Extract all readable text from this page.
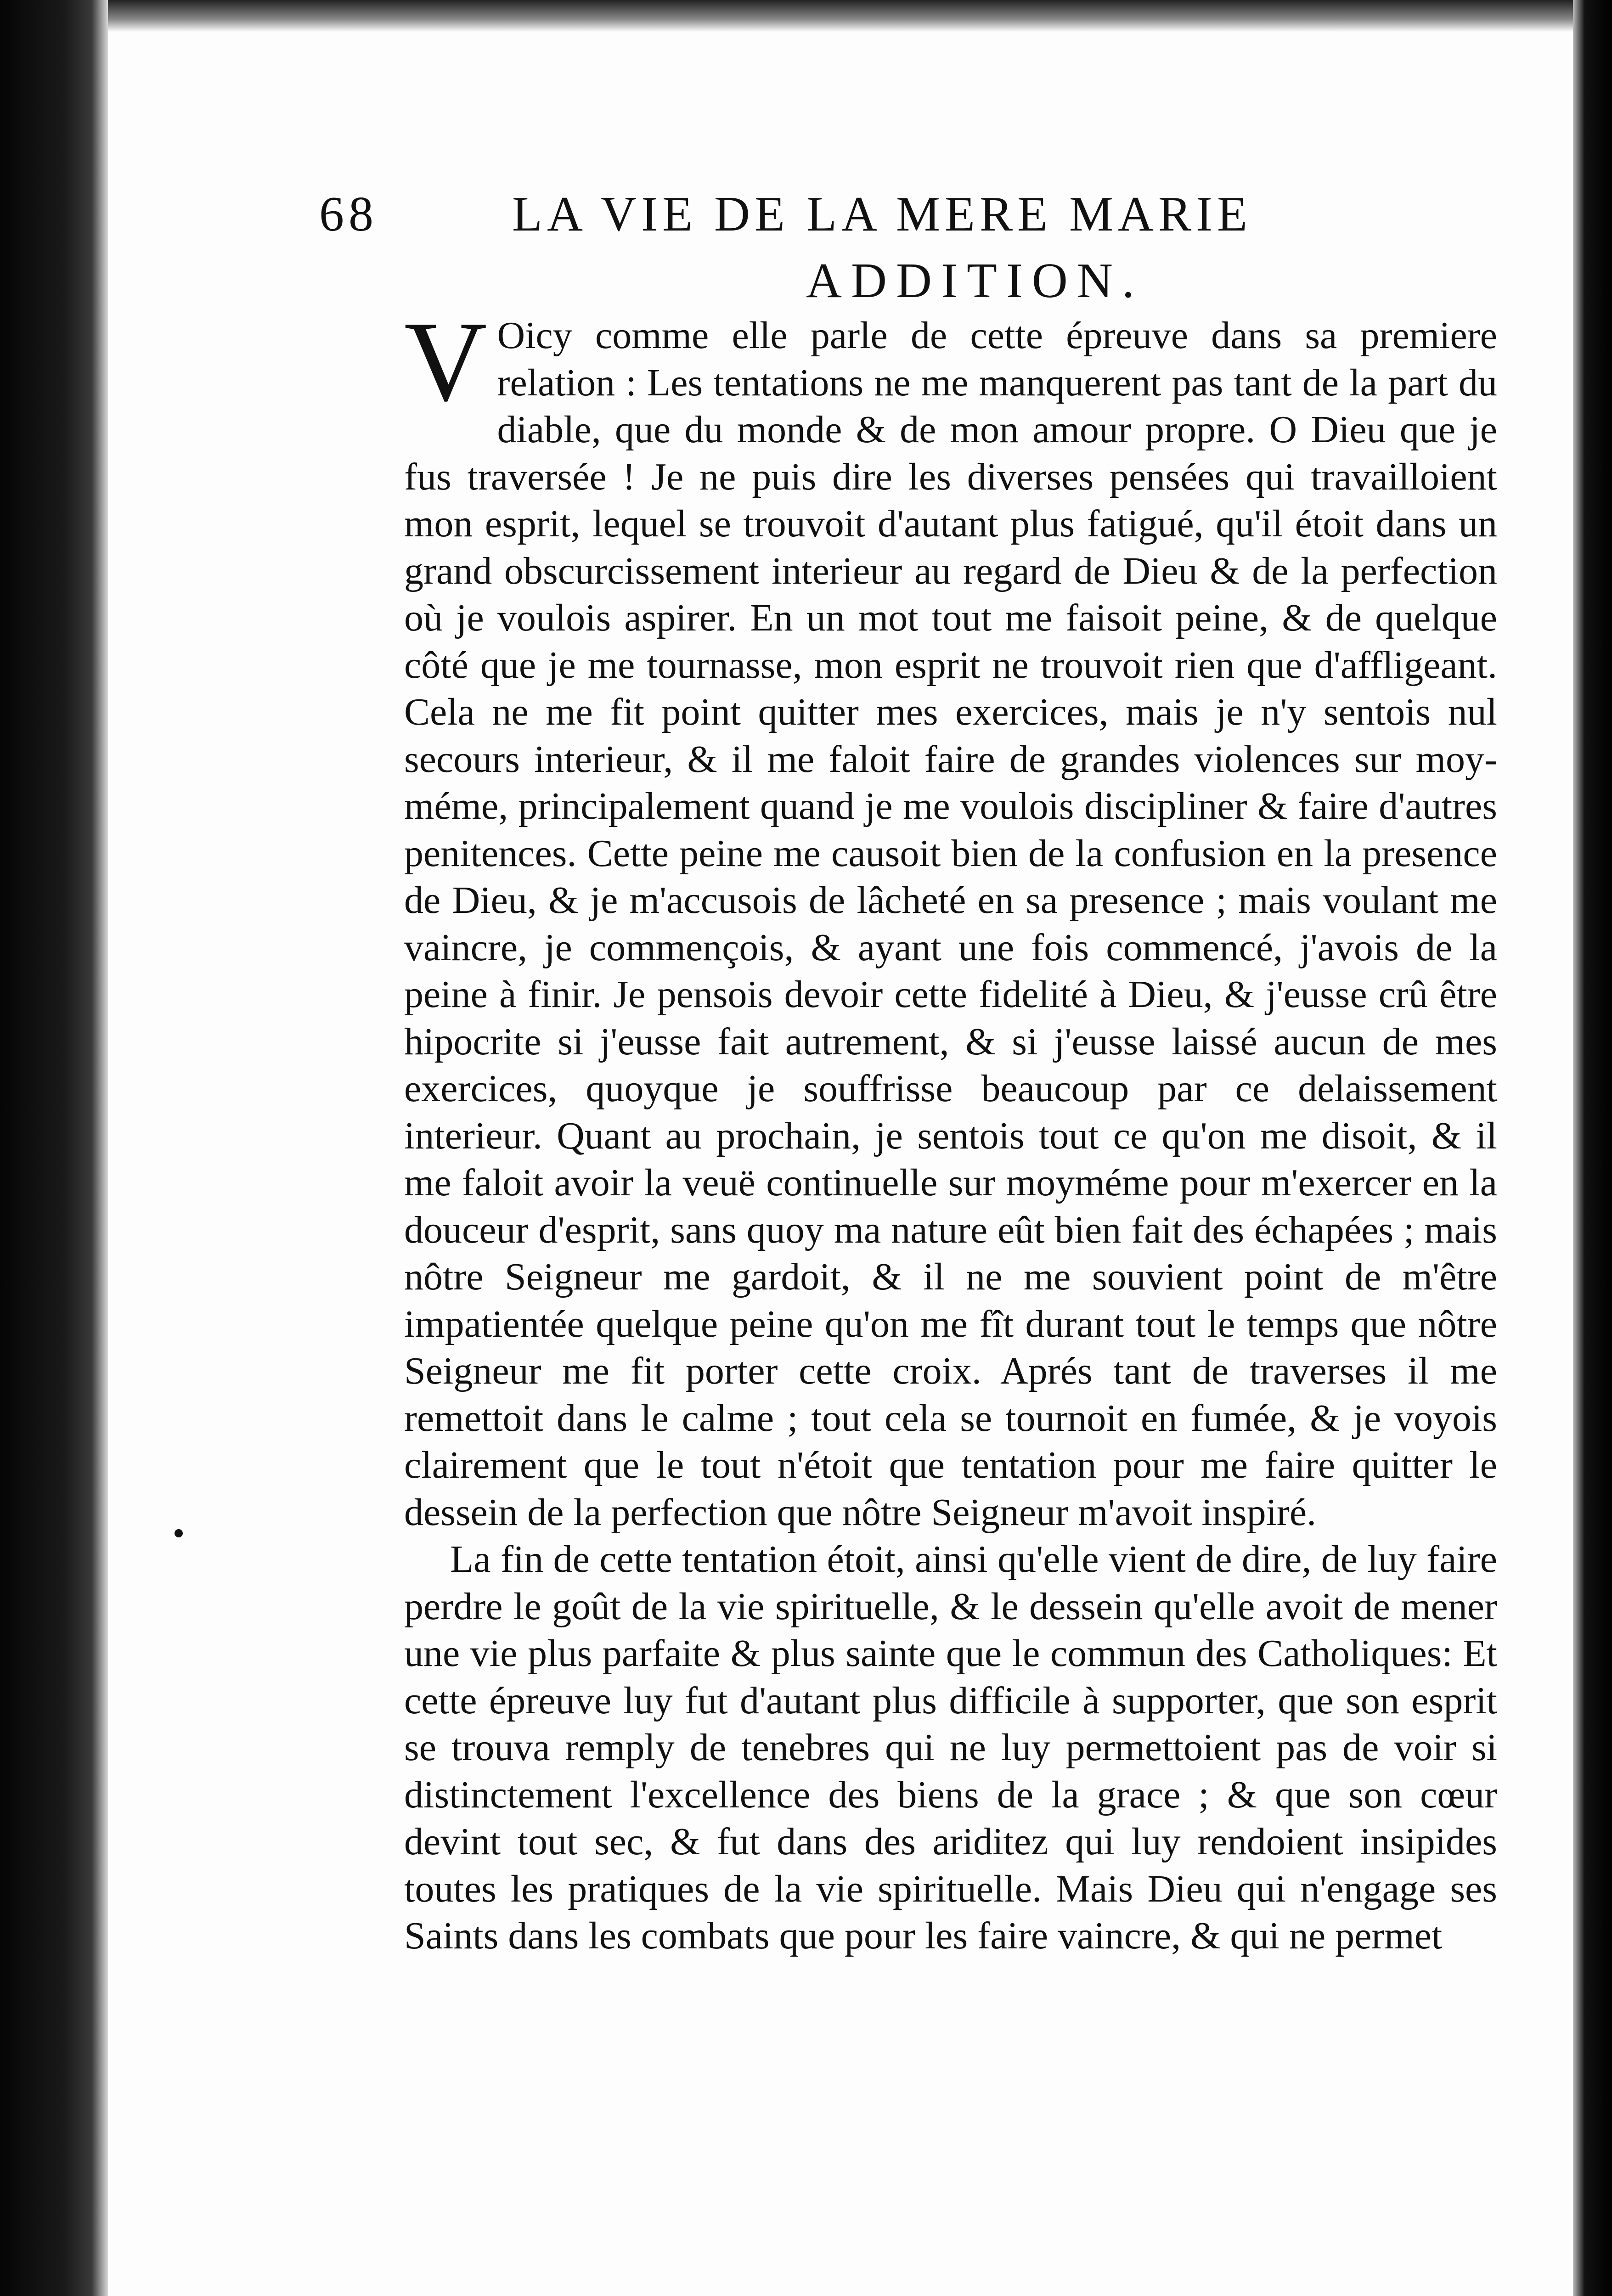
68	LA VIE DE LA MERE MARIE
ADDITION.

V Oicy comme elle parle de cette épreuve dans sa premiere relation : Les tentations ne me manquerent pas tant de la part du diable, que du monde & de mon amour propre. O Dieu que je fus traversée ! Je ne puis dire les diverses pensées qui travailloient mon esprit, lequel se trouvoit d'autant plus fatigué, qu'il étoit dans un grand obscurcissement interieur au regard de Dieu & de la perfection où je voulois aspirer. En un mot tout me faisoit peine, & de quelque côté que je me tournasse, mon esprit ne trouvoit rien que d'affligeant. Cela ne me fit point quitter mes exercices, mais je n'y sentois nul secours interieur, & il me faloit faire de grandes violences sur moy-méme, principalement quand je me voulois discipliner & faire d'autres penitences. Cette peine me causoit bien de la confusion en la presence de Dieu, & je m'accusois de lâcheté en sa presence ; mais voulant me vaincre, je commençois, & ayant une fois commencé, j'avois de la peine à finir. Je pensois devoir cette fidelité à Dieu, & j'eusse crû être hipocrite si j'eusse fait autrement, & si j'eusse laissé aucun de mes exercices, quoyque je souffrisse beaucoup par ce delaissement interieur. Quant au prochain, je sentois tout ce qu'on me disoit, & il me faloit avoir la veuë continuelle sur moyméme pour m'exercer en la douceur d'esprit, sans quoy ma nature eût bien fait des échapées ; mais nôtre Seigneur me gardoit, & il ne me souvient point de m'être impatientée quelque peine qu'on me fît durant tout le temps que nôtre Seigneur me fit porter cette croix. Aprés tant de traverses il me remettoit dans le calme ; tout cela se tournoit en fumée, & je voyois clairement que le tout n'étoit que tentation pour me faire quitter le dessein de la perfection que nôtre Seigneur m'avoit inspiré.

La fin de cette tentation étoit, ainsi qu'elle vient de dire, de luy faire perdre le goût de la vie spirituelle, & le dessein qu'elle avoit de mener une vie plus parfaite & plus sainte que le commun des Catholiques: Et cette épreuve luy fut d'autant plus difficile à supporter, que son esprit se trouva remply de tenebres qui ne luy permettoient pas de voir si distinctement l'excellence des biens de la grace ; & que son cœur devint tout sec, & fut dans des ariditez qui luy rendoient insipides toutes les pratiques de la vie spirituelle. Mais Dieu qui n'engage ses Saints dans les combats que pour les faire vaincre, & qui ne permet
